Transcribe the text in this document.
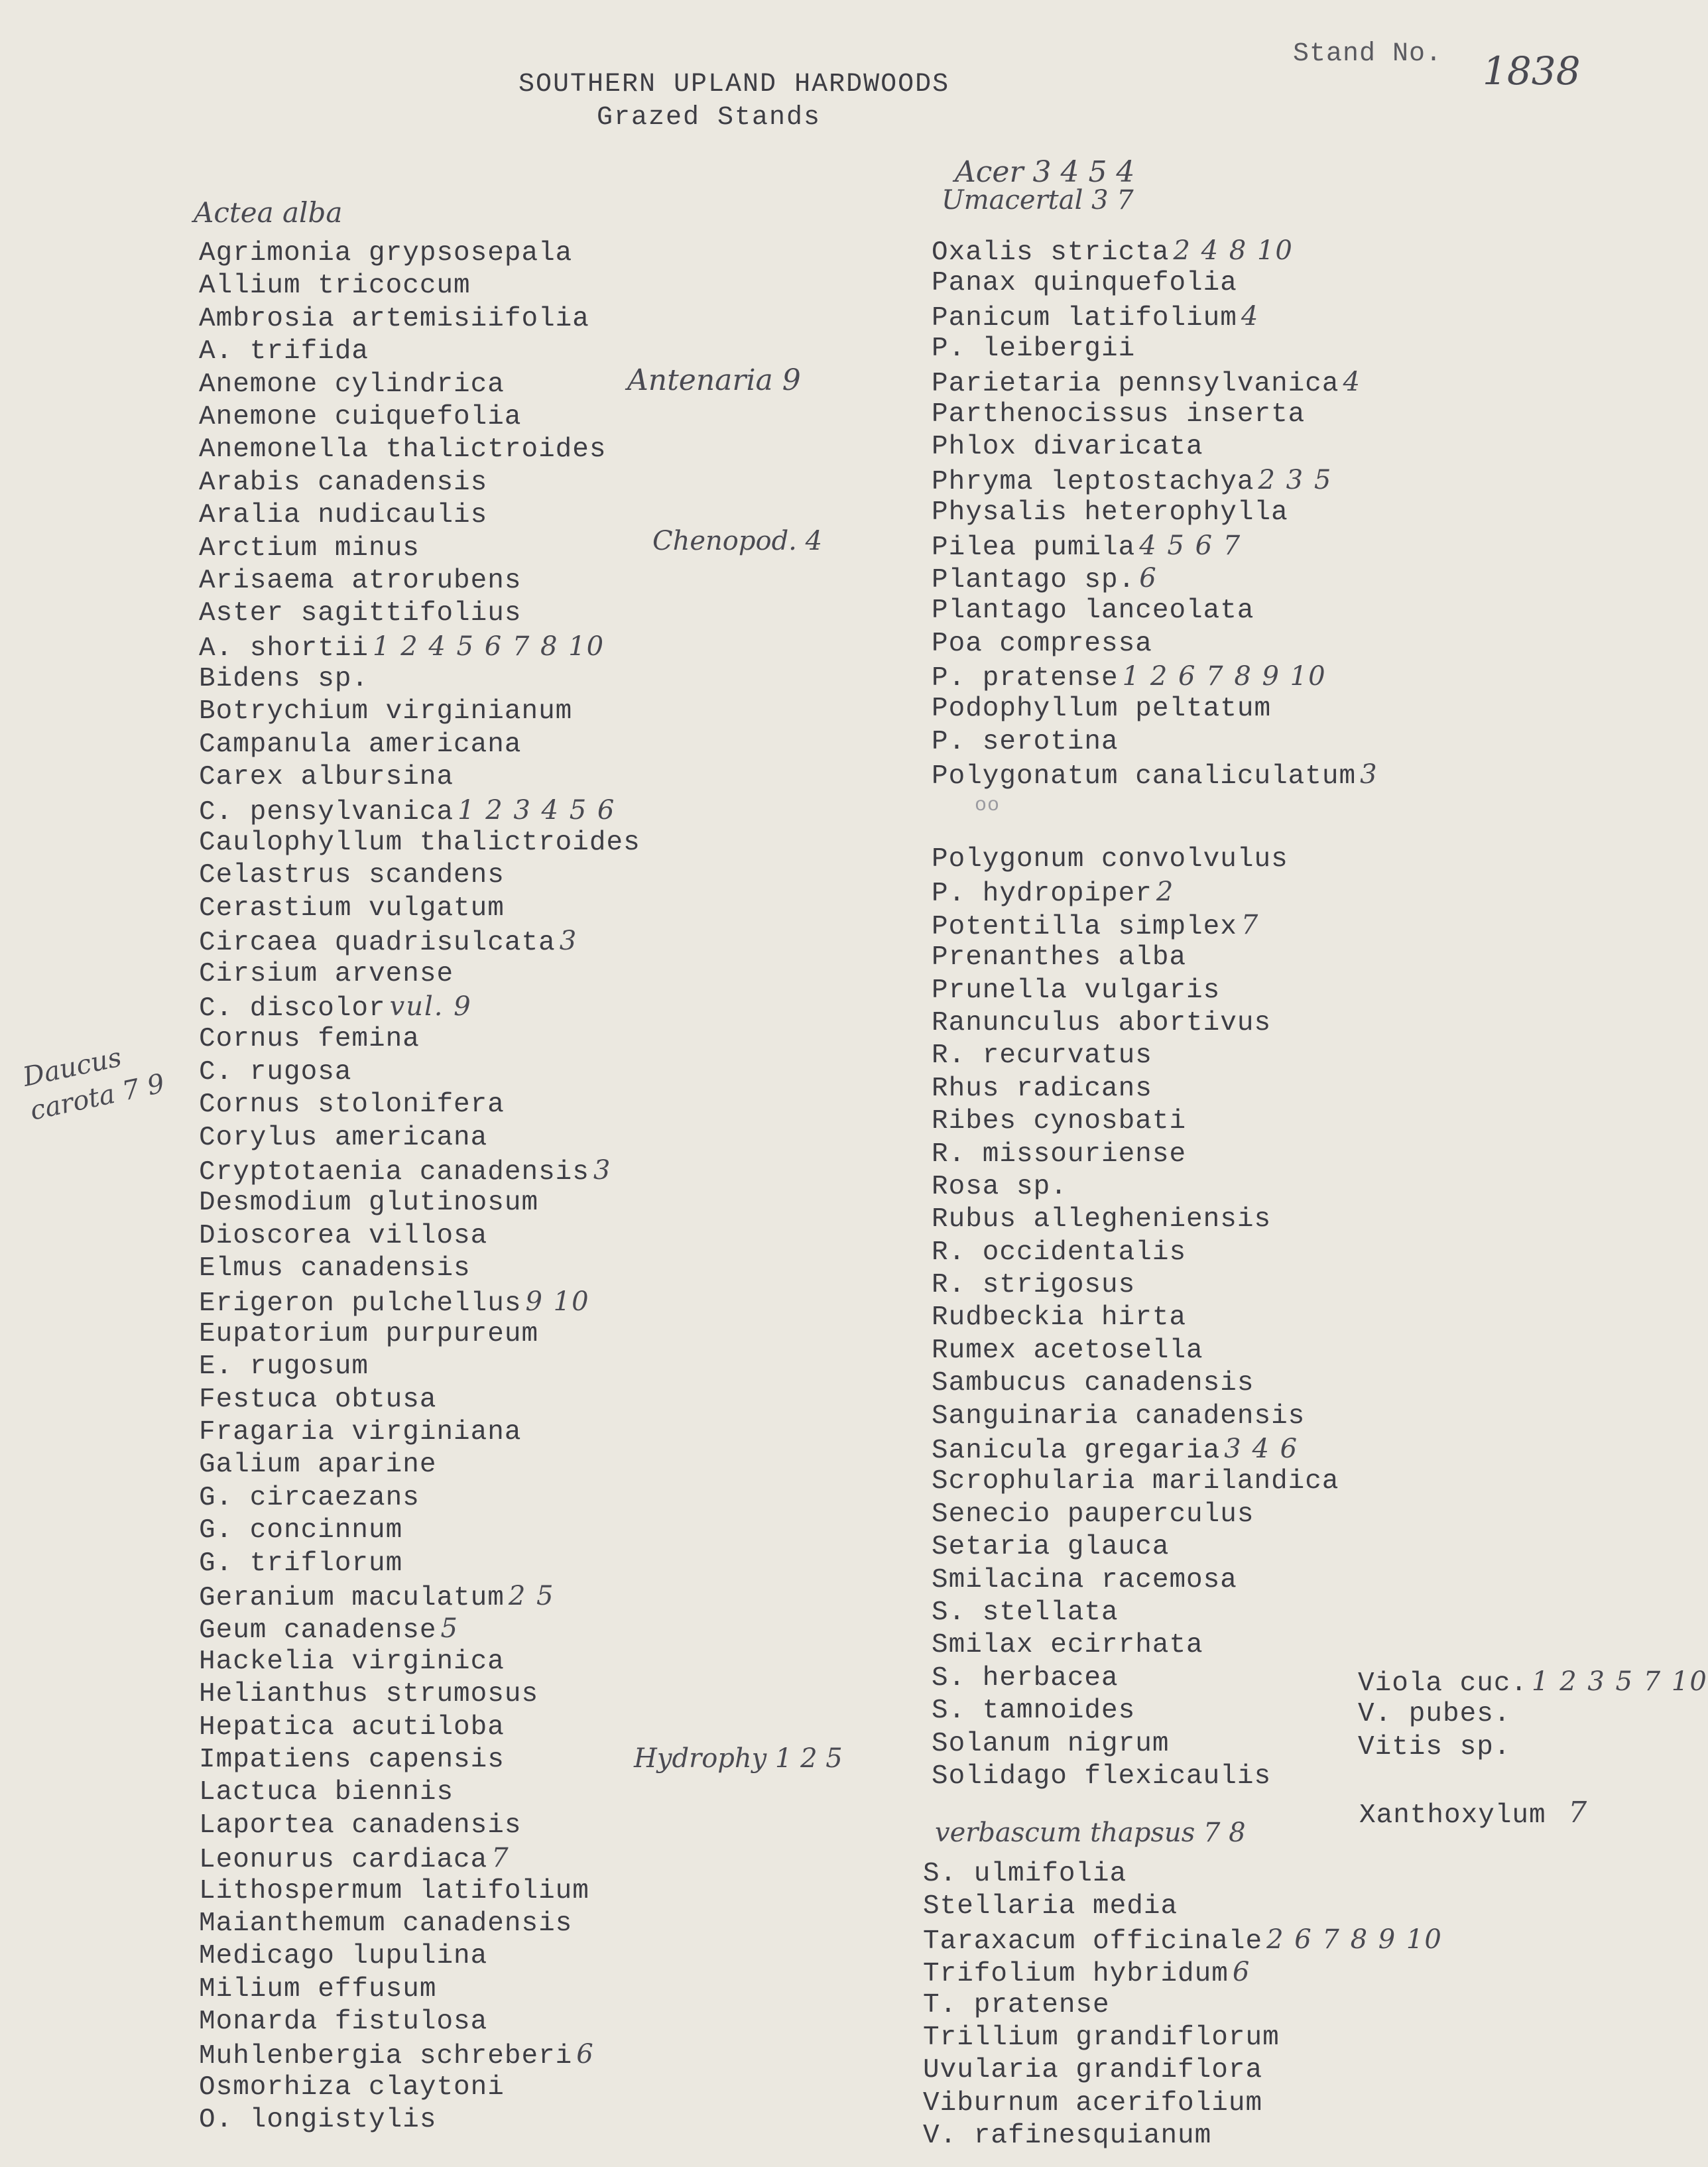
SOUTHERN UPLAND HARDWOODS
Grazed Stands
Stand No. 1838
Actea alba
Acer 3 4 5 4
Umacertal 3 7
Antenaria 9
Chenopod. 4
Daucus carota 7 9
Hydrophy 1 2 5
verbascum thapsus 7 8
Agrimonia grypsosepala
Allium tricoccum
Ambrosia artemisiifolia
A. trifida
Anemone cylindrica
Anemone cuiquefolia
Anemonella thalictroides
Arabis canadensis
Aralia nudicaulis
Arctium minus
Arisaema atrorubens
Aster sagittifolius
A. shortii 1 2 4 5 6 7 8 10
Bidens sp.
Botrychium virginianum
Campanula americana
Carex albursina
C. pensylvanica 1 2 3 4 5 6
Caulophyllum thalictroides
Celastrus scandens
Cerastium vulgatum
Circaea quadrisulcata 3
Cirsium arvense
C. discolor vul. 9
Cornus femina
C. rugosa
Cornus stolonifera
Corylus americana
Cryptotaenia canadensis 3
Desmodium glutinosum
Dioscorea villosa
Elmus canadensis
Erigeron pulchellus 9 10
Eupatorium purpureum
E. rugosum
Festuca obtusa
Fragaria virginiana
Galium aparine
G. circaezans
G. concinnum
G. triflorum
Geranium maculatum 2 5
Geum canadense 5
Hackelia virginica
Helianthus strumosus
Hepatica acutiloba
Impatiens capensis
Lactuca biennis
Laportea canadensis
Leonurus cardiaca 7
Lithospermum latifolium
Maianthemum canadensis
Medicago lupulina
Milium effusum
Monarda fistulosa
Muhlenbergia schreberi 6
Osmorhiza claytoni
O. longistylis
Oxalis stricta 2 4 8 10
Panax quinquefolia
Panicum latifolium 4
P. leibergii
Parietaria pennsylvanica 4
Parthenocissus inserta
Phlox divaricata
Phryma leptostachya 2 3 5
Physalis heterophylla
Pilea pumila 4 5 6 7
Plantago sp. 6
Plantago lanceolata
Poa compressa
P. pratense 1 2 6 7 8 9 10
Podophyllum peltatum
P. serotina
Polygonatum canaliculatum 3
oo
Polygonum convolvulus
P. hydropiper 2
Potentilla simplex 7
Prenanthes alba
Prunella vulgaris
Ranunculus abortivus
R. recurvatus
Rhus radicans
Ribes cynosbati
R. missouriense
Rosa sp.
Rubus allegheniensis
R. occidentalis
R. strigosus
Rudbeckia hirta
Rumex acetosella
Sambucus canadensis
Sanguinaria canadensis
Sanicula gregaria 3 4 6
Scrophularia marilandica
Senecio pauperculus
Setaria glauca
Smilacina racemosa
S. stellata
Smilax ecirrhata
S. herbacea
S. tamnoides
Solanum nigrum
Solidago flexicaulis
S. ulmifolia
Stellaria media
Taraxacum officinale 2 6 7 8 9 10
Trifolium hybridum 6
T. pratense
Trillium grandiflorum
Uvularia grandiflora
Viburnum acerifolium
V. rafinesquianum
Viola cuc. 1 2 3 5 7 10
V. pubes.
Vitis sp.
Xanthoxylum 7
